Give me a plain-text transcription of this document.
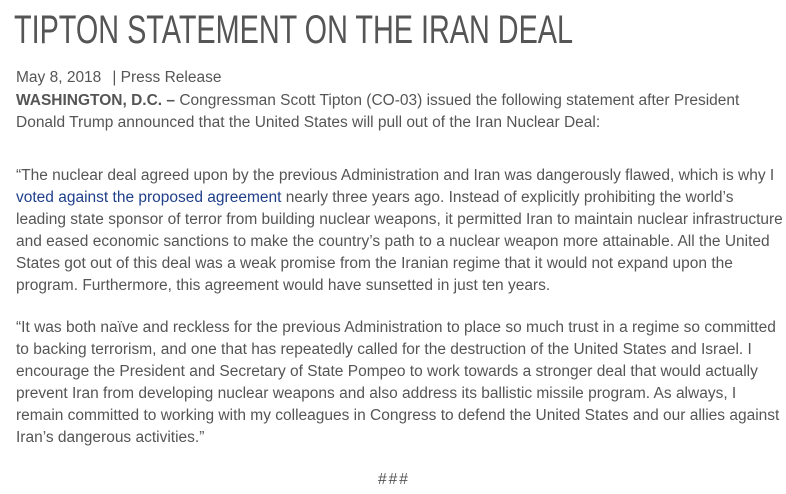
TIPTON STATEMENT ON THE IRAN DEAL
May 8, 2018 | Press Release

WASHINGTON, D.C. – Congressman Scott Tipton (CO-03) issued the following statement after President Donald Trump announced that the United States will pull out of the Iran Nuclear Deal:

“The nuclear deal agreed upon by the previous Administration and Iran was dangerously flawed, which is why I voted against the proposed agreement nearly three years ago. Instead of explicitly prohibiting the world’s leading state sponsor of terror from building nuclear weapons, it permitted Iran to maintain nuclear infrastructure and eased economic sanctions to make the country’s path to a nuclear weapon more attainable. All the United States got out of this deal was a weak promise from the Iranian regime that it would not expand upon the program. Furthermore, this agreement would have sunsetted in just ten years.

“It was both naïve and reckless for the previous Administration to place so much trust in a regime so committed to backing terrorism, and one that has repeatedly called for the destruction of the United States and Israel. I encourage the President and Secretary of State Pompeo to work towards a stronger deal that would actually prevent Iran from developing nuclear weapons and also address its ballistic missile program. As always, I remain committed to working with my colleagues in Congress to defend the United States and our allies against Iran’s dangerous activities.”

###
